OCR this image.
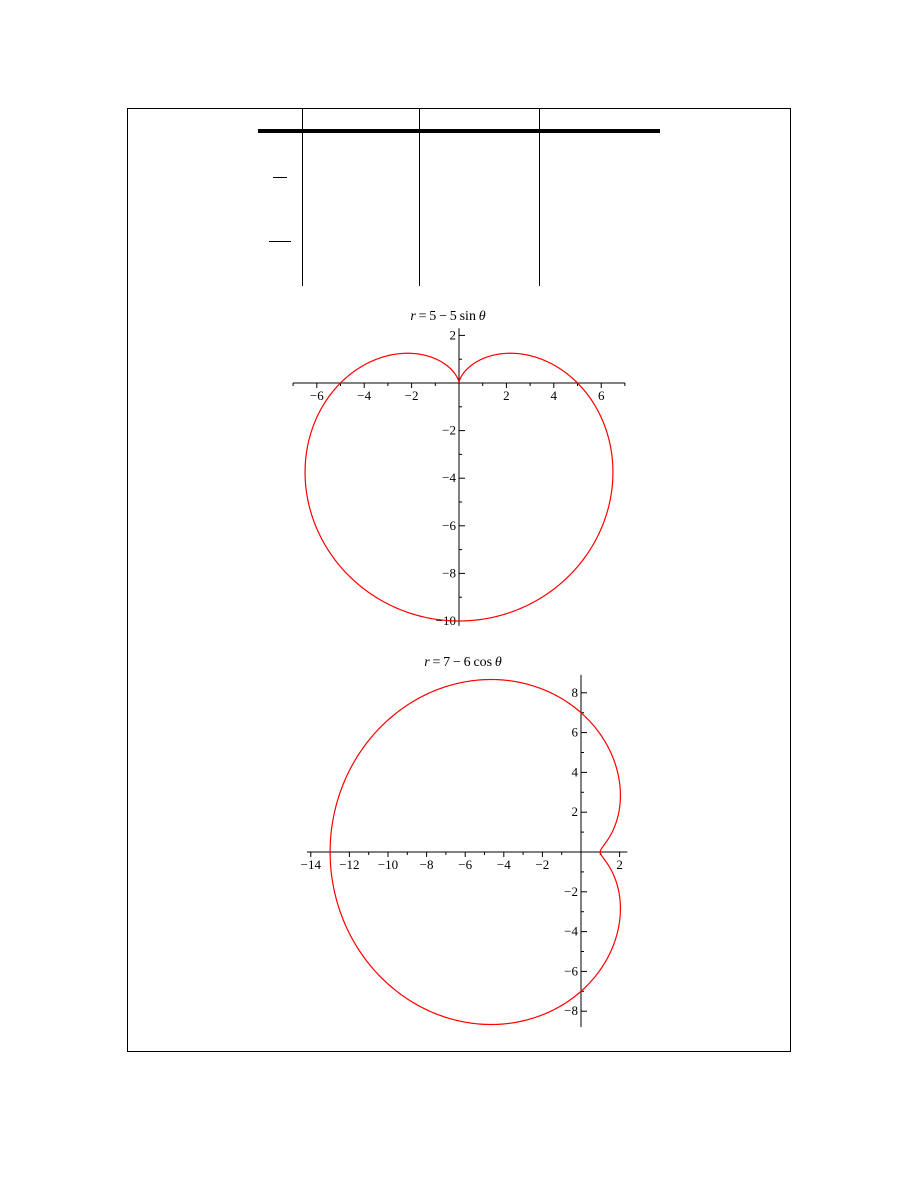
r = 5 − 5 sin θ
−6	−4	−2	2	4	6
2
−2
−4
−6
−8
−10
r = 7 − 6 cos θ
−14 −12 −10 −8 −6 −4 −2	2
8
6
4
2
−2
−4
−6
−8
